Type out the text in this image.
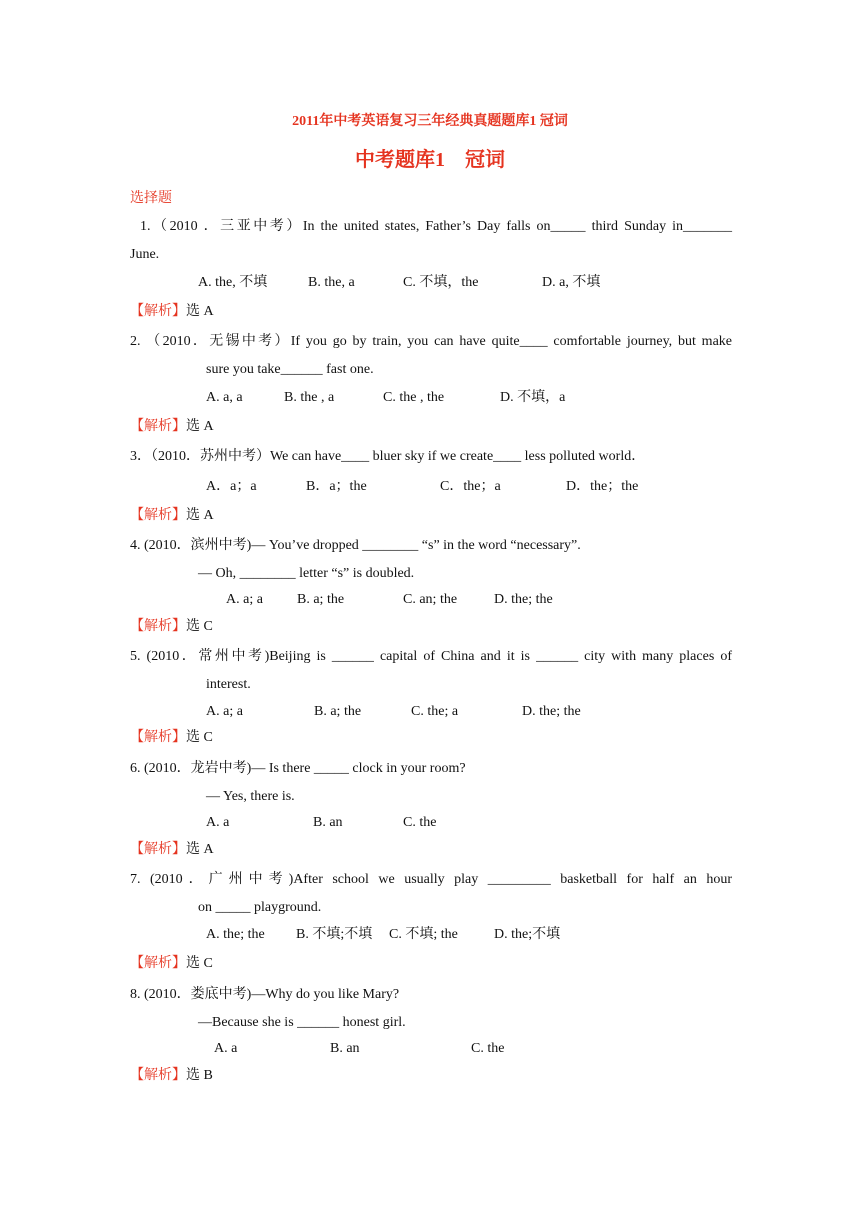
2011年中考英语复习三年经典真题题库1 冠词
中考题库1　冠词
选择题
1.（2010 ．三亚中考）In the united states, Father’s Day falls on_____ third Sunday in_______
June.
A. the, 不填	B. the, a	C. 不填，the	D. a, 不填
【解析】选 A
2. （2010．无锡中考）If you go by train, you can have quite____ comfortable journey, but make
sure you take______ fast one.
A. a, a	B. the , a	C. the , the	D. 不填，a
【解析】选 A
3．（2010．苏州中考）We can have____ bluer sky if we create____ less polluted world．
A．a；a	B．a；the	C．the；a	D．the；the
【解析】选 A
4. (2010．滨州中考)— You’ve dropped ________ “s” in the word “necessary”.
— Oh, ________ letter “s” is doubled.
A. a; a B. a; the	C. an; the	D. the; the
【解析】选 C
5. (2010．常州中考)Beijing is ______ capital of China and it is ______ city with many places of
interest.
A. a; a	B. a; the	C. the; a	D. the; the
【解析】选 C
6. (2010．龙岩中考)— Is there _____ clock in your room?
— Yes, there is.
A. a	B. an	C. the
【解析】选 A
7. (2010．广州中考)After school we usually play _________ basketball for half an hour
on _____ playground.
A. the; the B. 不填;不填 C. 不填; the	D. the;不填
【解析】选 C
8. (2010．娄底中考)—Why do you like Mary?
—Because she is ______ honest girl.
A. a	B. an	C. the
【解析】选 B
